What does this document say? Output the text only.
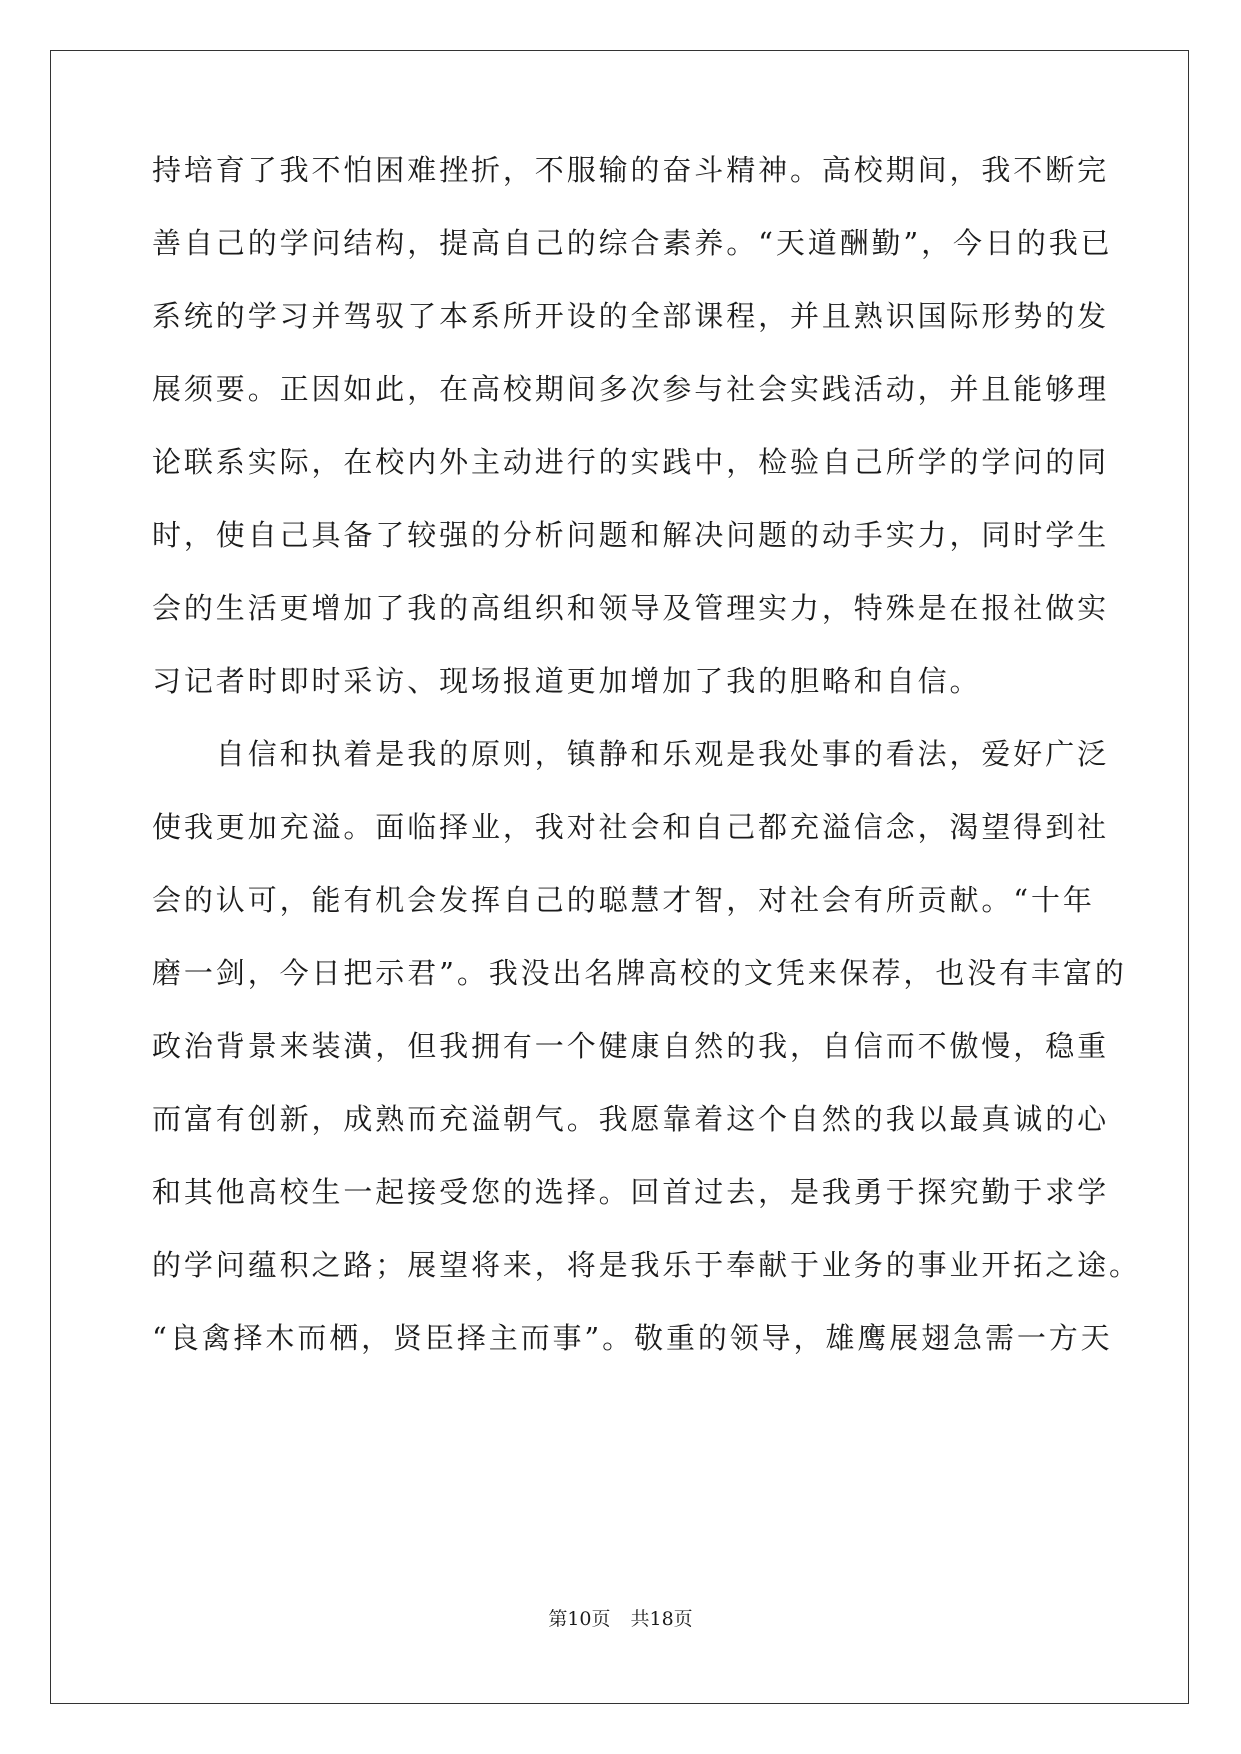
持培育了我不怕困难挫折，不服输的奋斗精神。高校期间，我不断完
善自己的学问结构，提高自己的综合素养。“天道酬勤”，今日的我已
系统的学习并驾驭了本系所开设的全部课程，并且熟识国际形势的发
展须要。正因如此，在高校期间多次参与社会实践活动，并且能够理
论联系实际，在校内外主动进行的实践中，检验自己所学的学问的同
时，使自己具备了较强的分析问题和解决问题的动手实力，同时学生
会的生活更增加了我的高组织和领导及管理实力，特殊是在报社做实
习记者时即时采访、现场报道更加增加了我的胆略和自信。
　　自信和执着是我的原则，镇静和乐观是我处事的看法，爱好广泛
使我更加充溢。面临择业，我对社会和自己都充溢信念，渴望得到社
会的认可，能有机会发挥自己的聪慧才智，对社会有所贡献。“十年
磨一剑，今日把示君”。我没出名牌高校的文凭来保荐，也没有丰富的
政治背景来装潢，但我拥有一个健康自然的我，自信而不傲慢，稳重
而富有创新，成熟而充溢朝气。我愿靠着这个自然的我以最真诚的心
和其他高校生一起接受您的选择。回首过去，是我勇于探究勤于求学
的学问蕴积之路；展望将来，将是我乐于奉献于业务的事业开拓之途。
“良禽择木而栖，贤臣择主而事”。敬重的领导，雄鹰展翅急需一方天
第10页 共18页
